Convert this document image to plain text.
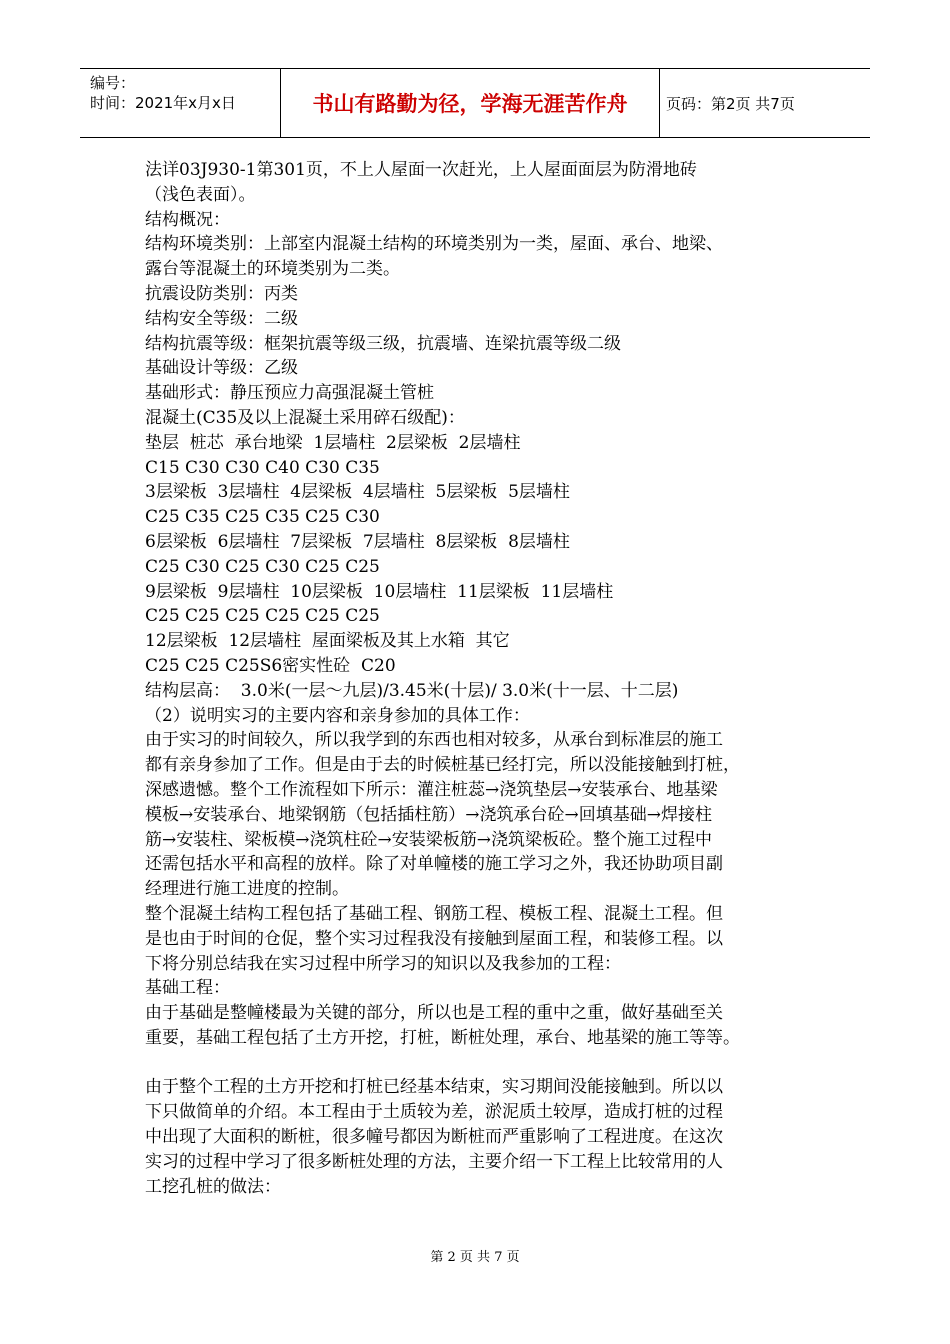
编号：
时间：2021年x月x日	书山有路勤为径，学海无涯苦作舟	页码：第2页 共7页

法详03J930-1第301页，不上人屋面一次赶光，上人屋面面层为防滑地砖

（浅色表面）。

结构概况：

结构环境类别：上部室内混凝土结构的环境类别为一类，屋面、承台、地梁、

露台等混凝土的环境类别为二类。

抗震设防类别：丙类

结构安全等级：二级

结构抗震等级：框架抗震等级三级，抗震墙、连梁抗震等级二级

基础设计等级：乙级

基础形式：静压预应力高强混凝土管桩

混凝土(C35及以上混凝土采用碎石级配)：

垫层  桩芯  承台地梁  1层墙柱  2层梁板  2层墙柱

C15 C30 C30 C40 C30 C35

3层梁板  3层墙柱  4层梁板  4层墙柱  5层梁板  5层墙柱

C25 C35 C25 C35 C25 C30

6层梁板  6层墙柱  7层梁板  7层墙柱  8层梁板  8层墙柱

C25 C30 C25 C30 C25 C25

9层梁板  9层墙柱  10层梁板  10层墙柱  11层梁板  11层墙柱

C25 C25 C25 C25 C25 C25

12层梁板  12层墙柱  屋面梁板及其上水箱  其它

C25 C25 C25S6密实性砼  C20

结构层高：  3.0米(一层～九层)/3.45米(十层)/ 3.0米(十一层、十二层)

（2）说明实习的主要内容和亲身参加的具体工作：

由于实习的时间较久，所以我学到的东西也相对较多，从承台到标准层的施工

都有亲身参加了工作。但是由于去的时候桩基已经打完，所以没能接触到打桩，

深感遗憾。整个工作流程如下所示：灌注桩蕊→浇筑垫层→安装承台、地基梁

模板→安装承台、地梁钢筋（包括插柱筋）→浇筑承台砼→回填基础→焊接柱

筋→安装柱、梁板模→浇筑柱砼→安装梁板筋→浇筑梁板砼。整个施工过程中

还需包括水平和高程的放样。除了对单幢楼的施工学习之外，我还协助项目副

经理进行施工进度的控制。

整个混凝土结构工程包括了基础工程、钢筋工程、模板工程、混凝土工程。但

是也由于时间的仓促，整个实习过程我没有接触到屋面工程，和装修工程。以

下将分别总结我在实习过程中所学习的知识以及我参加的工程：

基础工程：

由于基础是整幢楼最为关键的部分，所以也是工程的重中之重，做好基础至关

重要，基础工程包括了土方开挖，打桩，断桩处理，承台、地基梁的施工等等。

由于整个工程的土方开挖和打桩已经基本结束，实习期间没能接触到。所以以

下只做简单的介绍。本工程由于土质较为差，淤泥质土较厚，造成打桩的过程

中出现了大面积的断桩，很多幢号都因为断桩而严重影响了工程进度。在这次

实习的过程中学习了很多断桩处理的方法，主要介绍一下工程上比较常用的人

工挖孔桩的做法：

第 2 页 共 7 页
